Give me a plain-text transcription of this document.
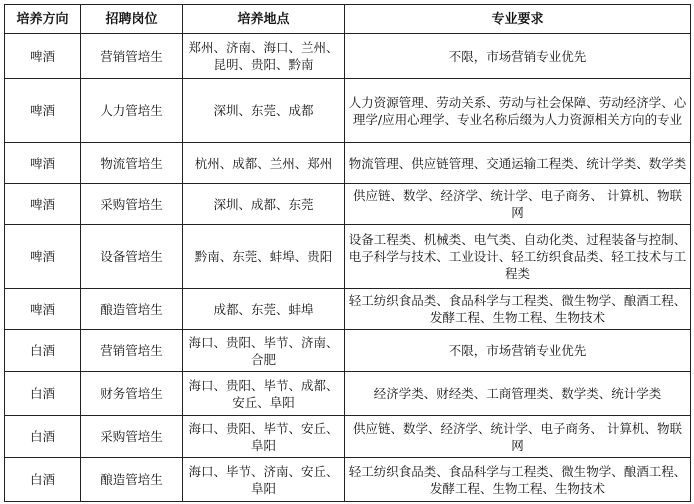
培养方向	招聘岗位	培养地点	专业要求
啤酒	营销管培生	郑州、济南、海口、兰州、昆明、贵阳、黔南	不限，市场营销专业优先
啤酒	人力管培生	深圳、东莞、成都	人力资源管理、劳动关系、劳动与社会保障、劳动经济学、心理学/应用心理学、专业名称后缀为人力资源相关方向的专业
啤酒	物流管培生	杭州、成都、兰州、郑州	物流管理、供应链管理、交通运输工程类、统计学类、数学类
啤酒	采购管培生	深圳、成都、东莞	供应链、数学、经济学、统计学、电子商务、 计算机、物联网
啤酒	设备管培生	黔南、东莞、蚌埠、贵阳	设备工程类、机械类、电气类、自动化类、过程装备与控制、电子科学与技术、工业设计、轻工纺织食品类、轻工技术与工程类
啤酒	酿造管培生	成都、东莞、蚌埠	轻工纺织食品类、食品科学与工程类、微生物学、酿酒工程、发酵工程、生物工程、生物技术
白酒	营销管培生	海口、贵阳、毕节、济南、合肥	不限，市场营销专业优先
白酒	财务管培生	海口、贵阳、毕节、成都、安丘、阜阳	经济学类、财经类、工商管理类、数学类、统计学类
白酒	采购管培生	海口、贵阳、毕节、安丘、阜阳	供应链、数学、经济学、统计学、电子商务、 计算机、物联网
白酒	酿造管培生	海口、毕节、济南、安丘、阜阳	轻工纺织食品类、食品科学与工程类、微生物学、酿酒工程、发酵工程、生物工程、生物技术
